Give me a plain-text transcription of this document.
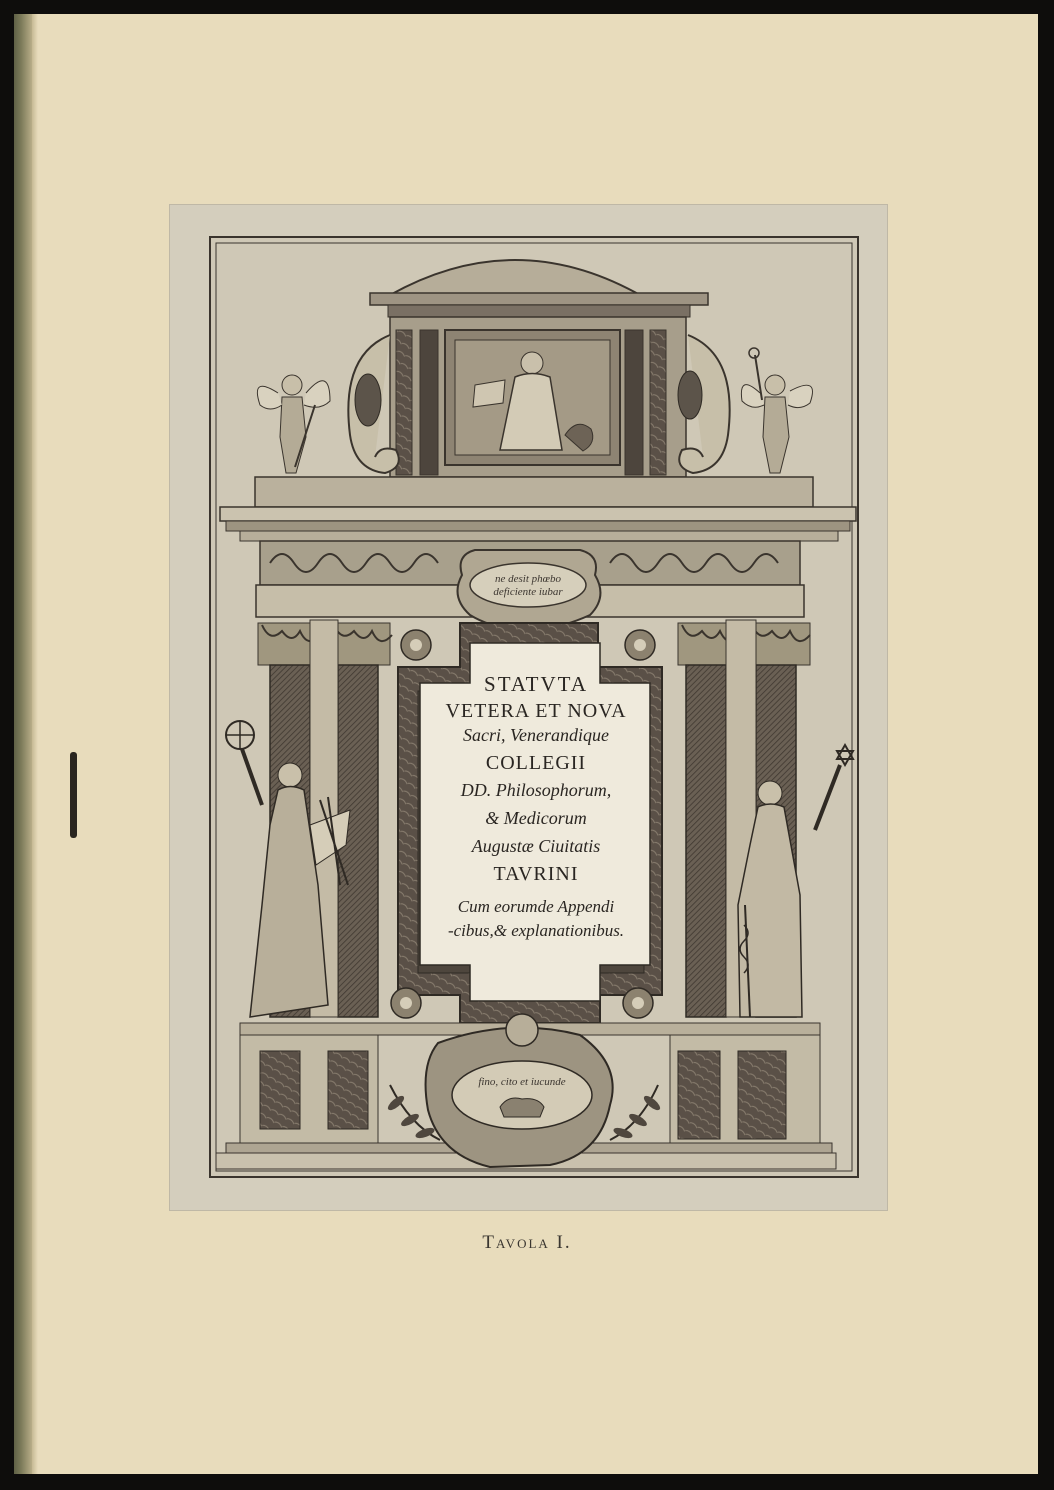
ne desit phœbo
deficiente iubar
STATVTA
VETERA ET NOVA
Sacri, Venerandique
COLLEGII
DD. Philosophorum,
& Medicorum
Augustæ Ciuitatis
TAVRINI
Cum eorumde Appendi
-cibus,& explanationibus.
fino, cito et iucunde
Tavola I.
